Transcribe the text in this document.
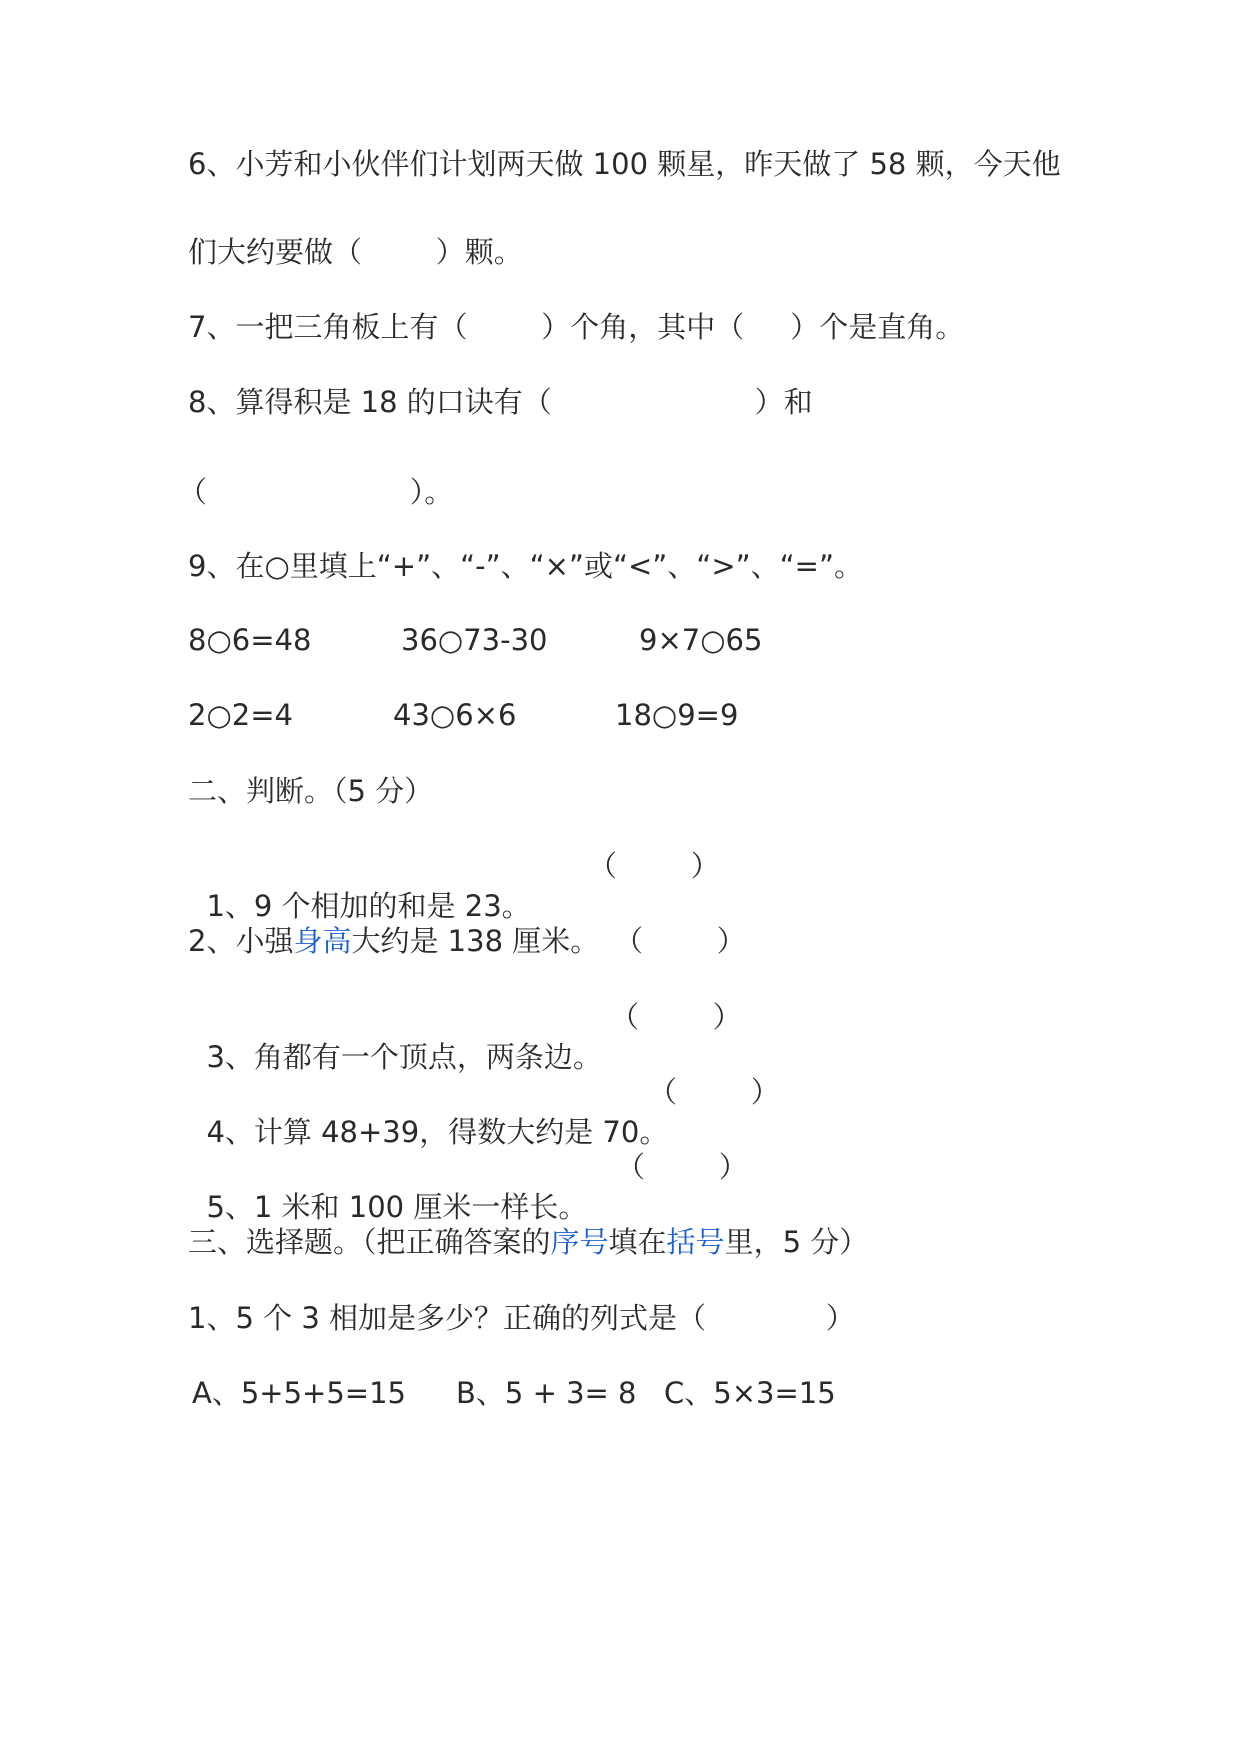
6、小芳和小伙伴们计划两天做 100 颗星，昨天做了 58 颗，今天他
们大约要做（        ）颗。
7、一把三角板上有（        ）个角，其中（     ）个是直角。
8、算得积是 18 的口诀有（                      ）和
（                      ）。
9、在○里填上“+”、“-”、“×”或“<”、“>”、“=”。
8○6=48	36○73-30	9×7○65
2○2=4	43○6×6	18○9=9
二、判断。（5 分）

1、9 个相加的和是 23。

（        ）
2、小强身高大约是 138 厘米。 （        ）

3、角都有一个顶点，两条边。

（        ）

4、计算 48+39，得数大约是 70。

（        ）

5、1 米和 100 厘米一样长。

（        ）
三、选择题。（把正确答案的序号填在括号里，5 分）
1、5 个 3 相加是多少？正确的列式是（             ）
A、5+5+5=15 B、5 + 3= 8 C、5×3=15
